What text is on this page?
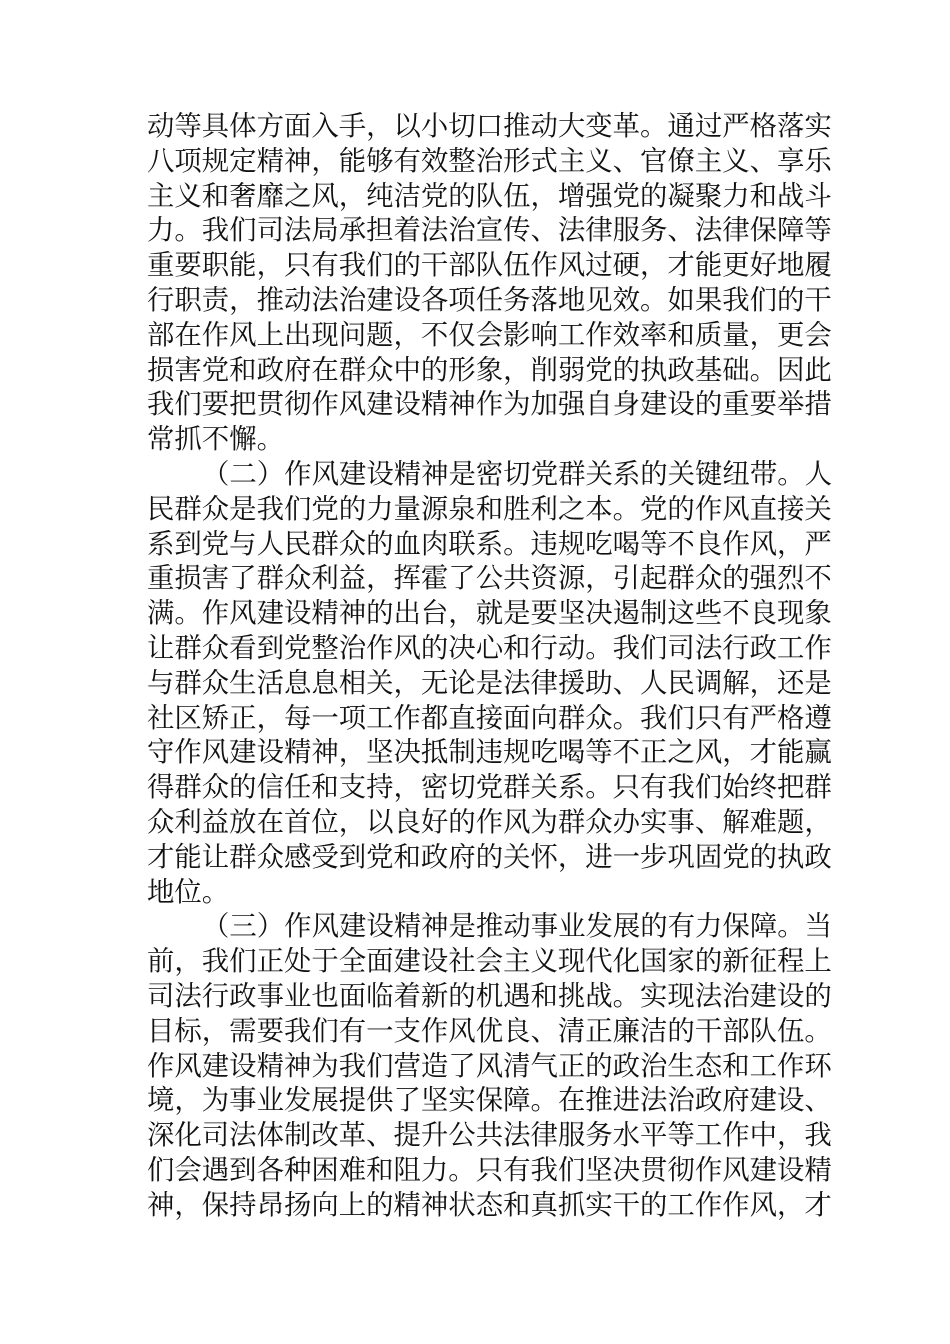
动等具体方面入手，以小切口推动大变革。通过严格落实
八项规定精神，能够有效整治形式主义、官僚主义、享乐
主义和奢靡之风，纯洁党的队伍，增强党的凝聚力和战斗
力。我们司法局承担着法治宣传、法律服务、法律保障等
重要职能，只有我们的干部队伍作风过硬，才能更好地履
行职责，推动法治建设各项任务落地见效。如果我们的干
部在作风上出现问题，不仅会影响工作效率和质量，更会
损害党和政府在群众中的形象，削弱党的执政基础。因此
我们要把贯彻作风建设精神作为加强自身建设的重要举措
常抓不懈。
（二）作风建设精神是密切党群关系的关键纽带。人
民群众是我们党的力量源泉和胜利之本。党的作风直接关
系到党与人民群众的血肉联系。违规吃喝等不良作风，严
重损害了群众利益，挥霍了公共资源，引起群众的强烈不
满。作风建设精神的出台，就是要坚决遏制这些不良现象
让群众看到党整治作风的决心和行动。我们司法行政工作
与群众生活息息相关，无论是法律援助、人民调解，还是
社区矫正，每一项工作都直接面向群众。我们只有严格遵
守作风建设精神，坚决抵制违规吃喝等不正之风，才能赢
得群众的信任和支持，密切党群关系。只有我们始终把群
众利益放在首位，以良好的作风为群众办实事、解难题，
才能让群众感受到党和政府的关怀，进一步巩固党的执政
地位。
（三）作风建设精神是推动事业发展的有力保障。当
前，我们正处于全面建设社会主义现代化国家的新征程上
司法行政事业也面临着新的机遇和挑战。实现法治建设的
目标，需要我们有一支作风优良、清正廉洁的干部队伍。
作风建设精神为我们营造了风清气正的政治生态和工作环
境，为事业发展提供了坚实保障。在推进法治政府建设、
深化司法体制改革、提升公共法律服务水平等工作中，我
们会遇到各种困难和阻力。只有我们坚决贯彻作风建设精
神，保持昂扬向上的精神状态和真抓实干的工作作风，才
